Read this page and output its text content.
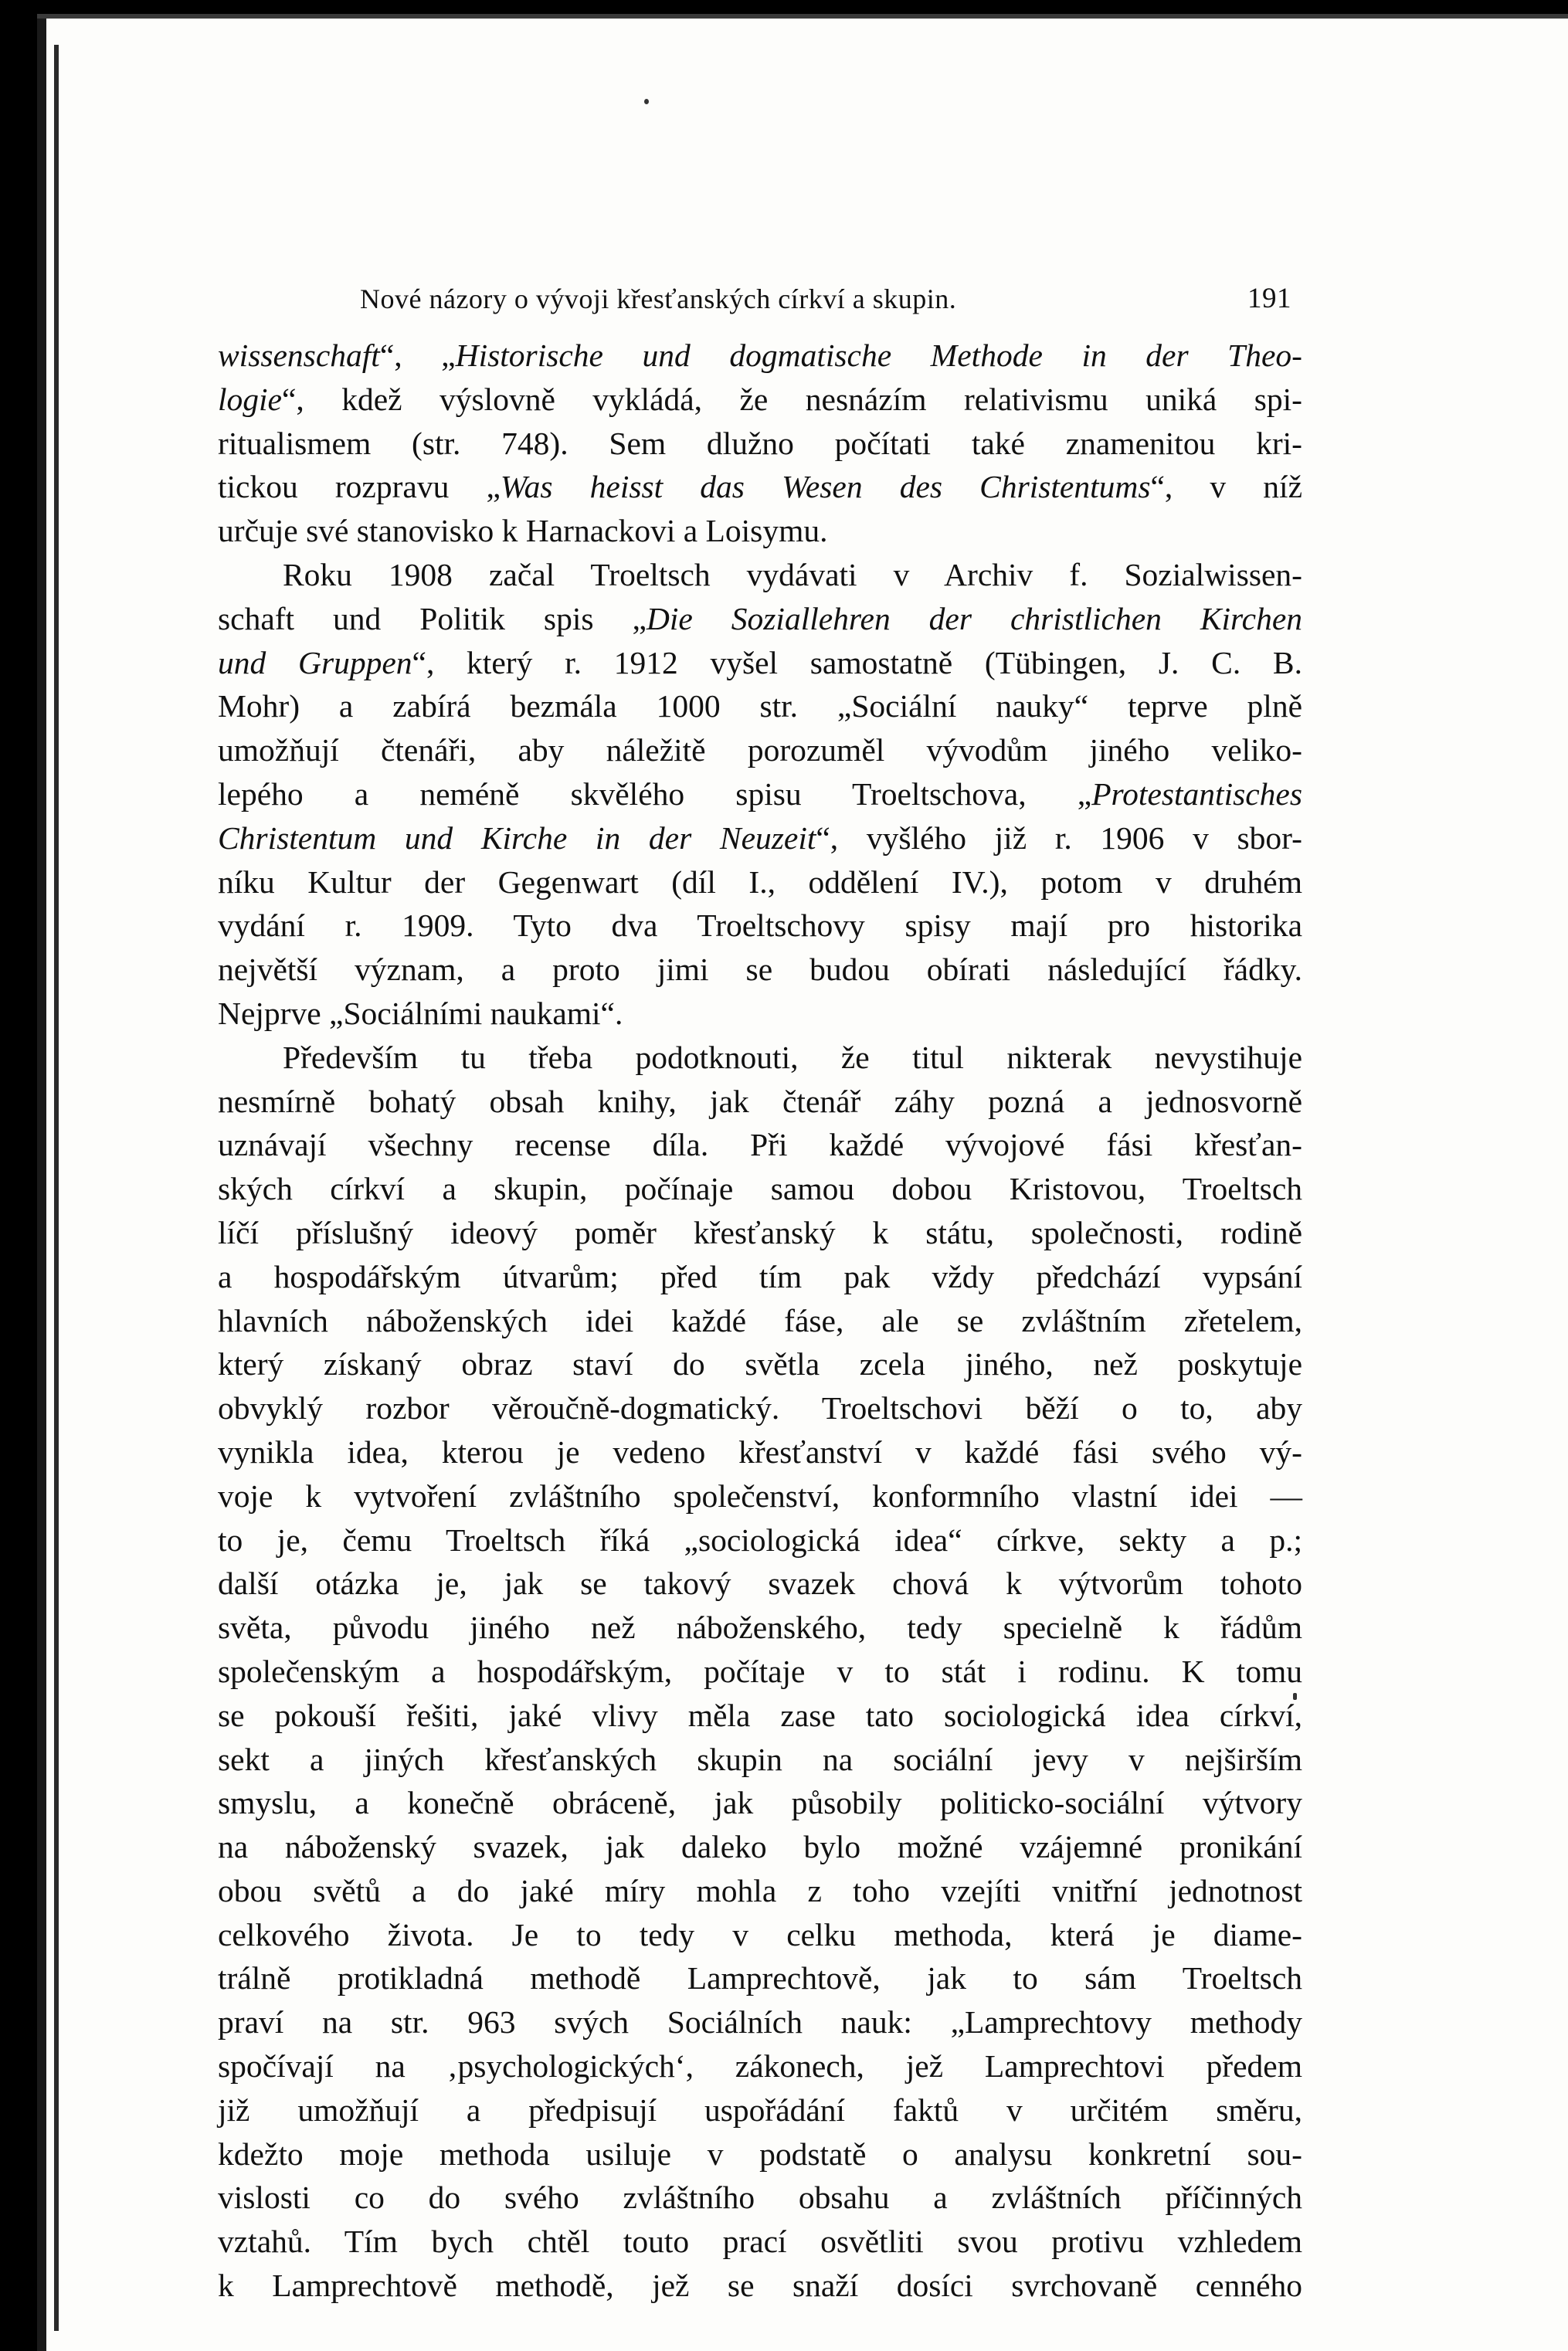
Nové názory o vývoji křesťanských církví a skupin.	191
wissenschaft“, „Historische und dogmatische Methode in der Theo-
logie“, kdež výslovně vykládá, že nesnázím relativismu uniká spi-
ritualismem (str. 748). Sem dlužno počítati také znamenitou kri-
tickou rozpravu „Was heisst das Wesen des Christentums“, v níž
určuje své stanovisko k Harnackovi a Loisymu.
Roku 1908 začal Troeltsch vydávati v Archiv f. Sozialwissen-
schaft und Politik spis „Die Soziallehren der christlichen Kirchen
und Gruppen“, který r. 1912 vyšel samostatně (Tübingen, J. C. B.
Mohr) a zabírá bezmála 1000 str. „Sociální nauky“ teprve plně
umožňují čtenáři, aby náležitě porozuměl vývodům jiného veliko-
lepého a neméně skvělého spisu Troeltschova, „Protestantisches
Christentum und Kirche in der Neuzeit“, vyšlého již r. 1906 v sbor-
níku Kultur der Gegenwart (díl I., oddělení IV.), potom v druhém
vydání r. 1909. Tyto dva Troeltschovy spisy mají pro historika
největší význam, a proto jimi se budou obírati následující řádky.
Nejprve „Sociálními naukami“.
Především tu třeba podotknouti, že titul nikterak nevystihuje
nesmírně bohatý obsah knihy, jak čtenář záhy pozná a jednosvorně
uznávají všechny recense díla. Při každé vývojové fási křesťan-
ských církví a skupin, počínaje samou dobou Kristovou, Troeltsch
líčí příslušný ideový poměr křesťanský k státu, společnosti, rodině
a hospodářským útvarům; před tím pak vždy předchází vypsání
hlavních náboženských idei každé fáse, ale se zvláštním zřetelem,
který získaný obraz staví do světla zcela jiného, než poskytuje
obvyklý rozbor věroučně-dogmatický. Troeltschovi běží o to, aby
vynikla idea, kterou je vedeno křesťanství v každé fási svého vý-
voje k vytvoření zvláštního společenství, konformního vlastní idei —
to je, čemu Troeltsch říká „sociologická idea“ církve, sekty a p.;
další otázka je, jak se takový svazek chová k výtvorům tohoto
světa, původu jiného než náboženského, tedy specielně k řádům
společenským a hospodářským, počítaje v to stát i rodinu. K tomu
se pokouší řešiti, jaké vlivy měla zase tato sociologická idea církví,
sekt a jiných křesťanských skupin na sociální jevy v nejširším
smyslu, a konečně obráceně, jak působily politicko-sociální výtvory
na náboženský svazek, jak daleko bylo možné vzájemné pronikání
obou světů a do jaké míry mohla z toho vzejíti vnitřní jednotnost
celkového života. Je to tedy v celku methoda, která je diame-
trálně protikladná methodě Lamprechtově, jak to sám Troeltsch
praví na str. 963 svých Sociálních nauk: „Lamprechtovy methody
spočívají na ‚psychologických‘, zákonech, jež Lamprechtovi předem
již umožňují a předpisují uspořádání faktů v určitém směru,
kdežto moje methoda usiluje v podstatě o analysu konkretní sou-
vislosti co do svého zvláštního obsahu a zvláštních příčinných
vztahů. Tím bych chtěl touto prací osvětliti svou protivu vzhledem
k Lamprechtově methodě, jež se snaží dosíci svrchovaně cenného
